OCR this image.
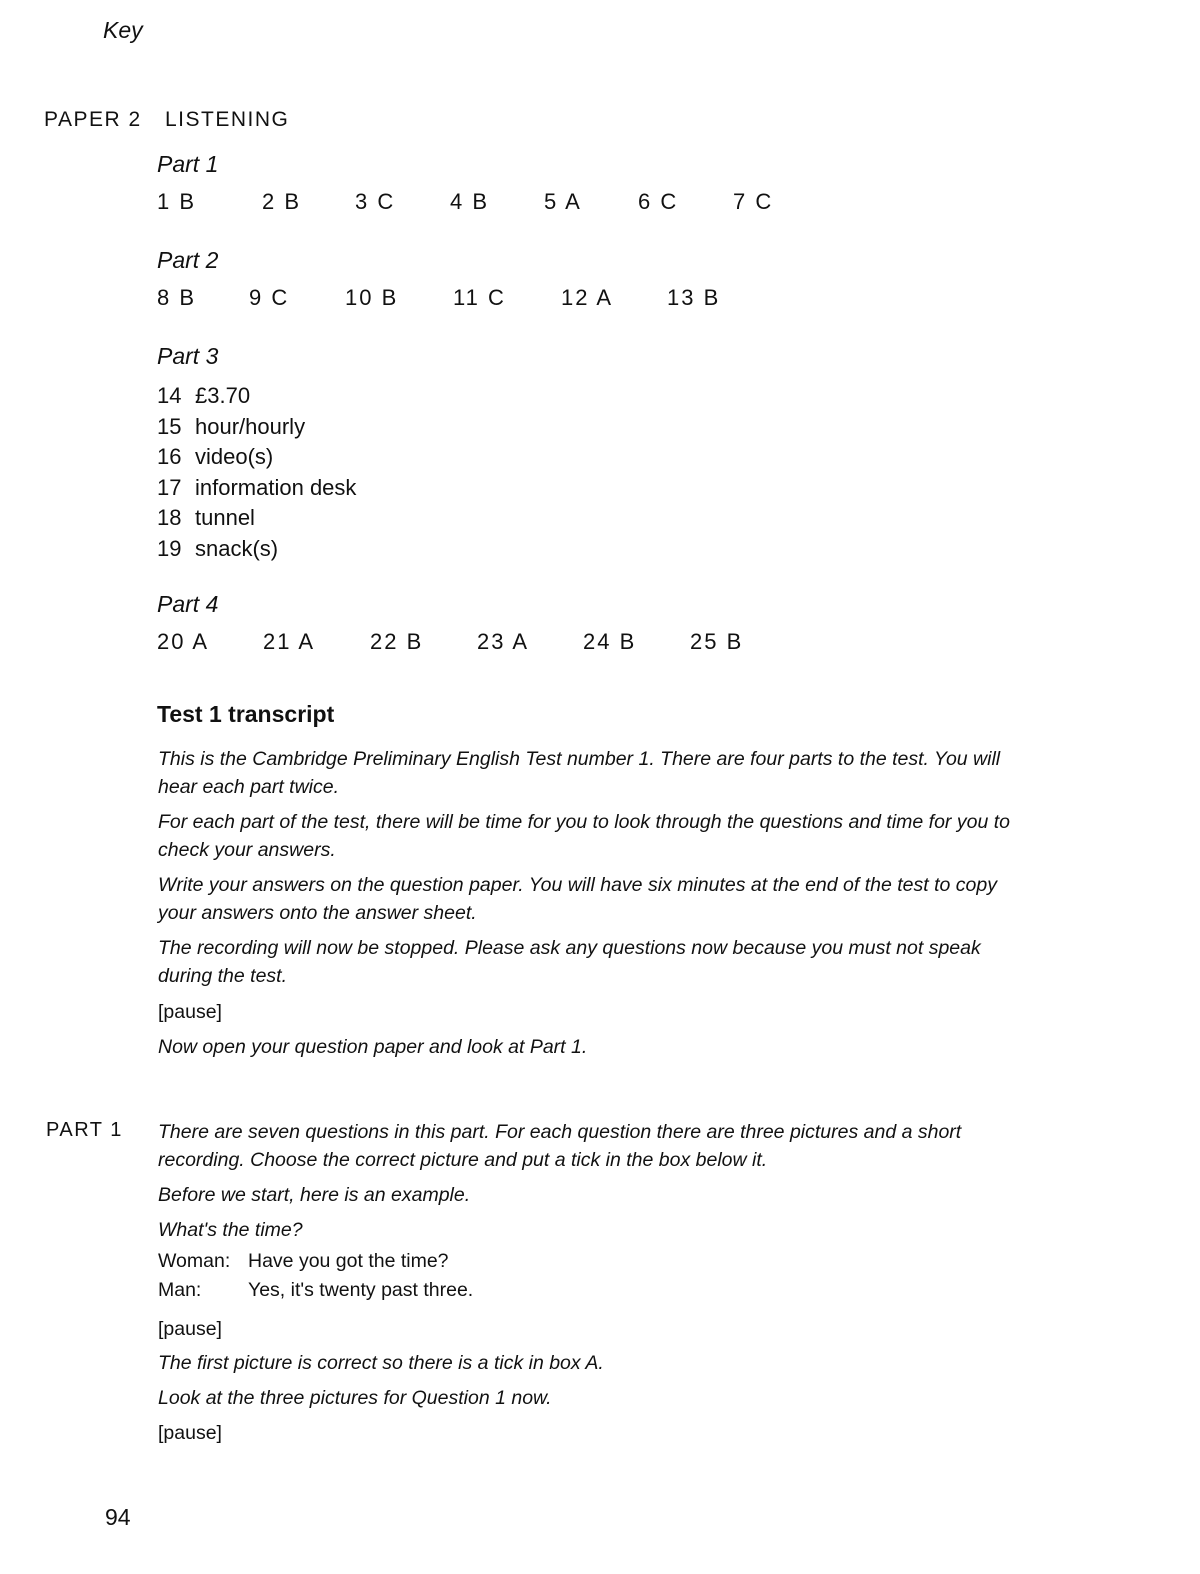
Key
PAPER 2 LISTENING
Part 1
1 B	2 B 3 C 4 B 5 A	6 C 7 C
Part 2
8 B 9 C	10 B 11 C	12 A 13 B
Part 3
14 £3.70
15 hour/hourly
16 video(s)
17 information desk
18 tunnel
19 snack(s)
Part 4
20 A 21 A 22 B 23 A 24 B 25 B
Test 1 transcript
This is the Cambridge Preliminary English Test number 1. There are four parts to the test. You will hear each part twice.
For each part of the test, there will be time for you to look through the questions and time for you to check your answers.
Write your answers on the question paper. You will have six minutes at the end of the test to copy your answers onto the answer sheet.
The recording will now be stopped. Please ask any questions now because you must not speak during the test.
[pause]
Now open your question paper and look at Part 1.
PART 1 There are seven questions in this part. For each question there are three pictures and a short recording. Choose the correct picture and put a tick in the box below it.
Before we start, here is an example.
What's the time?
Woman: Have you got the time?
Man: Yes, it's twenty past three.
[pause]
The first picture is correct so there is a tick in box A.
Look at the three pictures for Question 1 now.
[pause]
94
